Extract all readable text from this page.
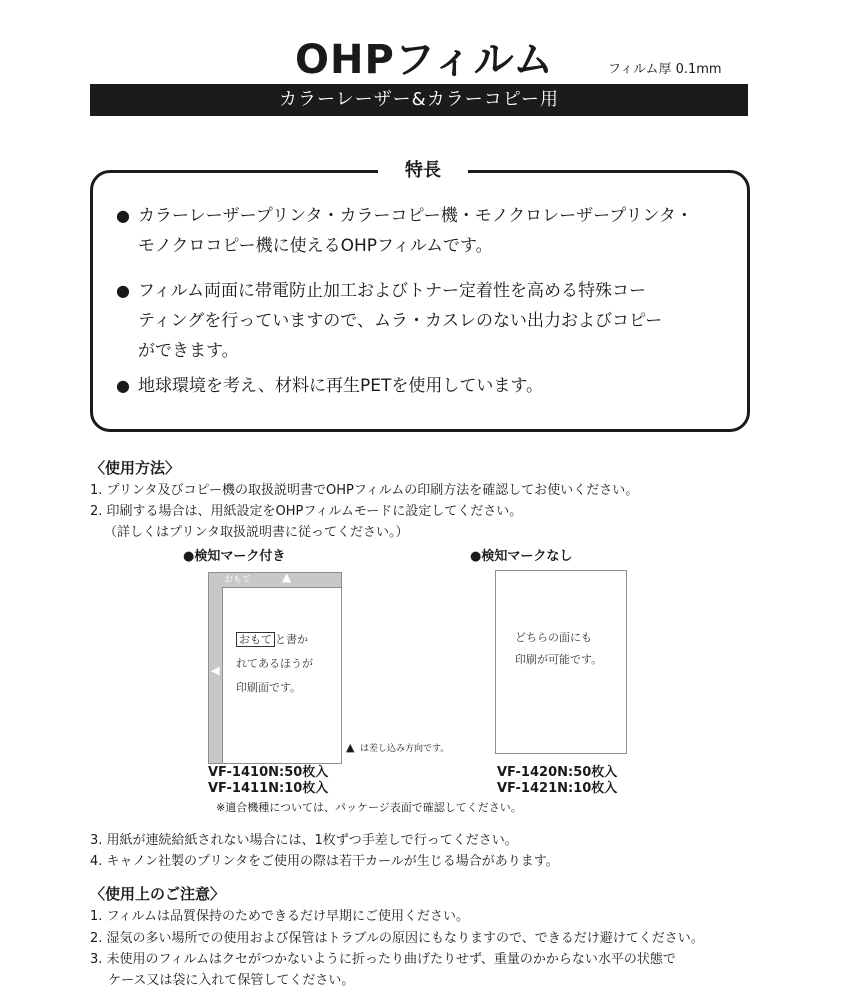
OHPフィルム	フィルム厚 0.1mm
カラーレーザー&カラーコピー用
特長
● カラーレーザープリンタ・カラーコピー機・モノクロレーザープリンタ・
モノクロコピー機に使えるOHPフィルムです。
● フィルム両面に帯電防止加工およびトナー定着性を高める特殊コー
ティングを行っていますので、ムラ・カスレのない出力およびコピー
ができます。
● 地球環境を考え、材料に再生PETを使用しています。
〈使用方法〉
1. プリンタ及びコピー機の取扱説明書でOHPフィルムの印刷方法を確認してお使いください。
2. 印刷する場合は、用紙設定をOHPフィルムモードに設定してください。
（詳しくはプリンタ取扱説明書に従ってください。）
●検知マーク付き	●検知マークなし
おもて	▲
◀
おもて と書か
れてあるほうが
印刷面です。
▲ は差し込み方向です。
どちらの面にも
印刷が可能です。
VF-1410N:50枚入
VF-1411N:10枚入
VF-1420N:50枚入
VF-1421N:10枚入
※適合機種については、パッケージ表面で確認してください。
3. 用紙が連続給紙されない場合には、1枚ずつ手差しで行ってください。
4. キャノン社製のプリンタをご使用の際は若干カールが生じる場合があります。
〈使用上のご注意〉
1. フィルムは品質保持のためできるだけ早期にご使用ください。
2. 湿気の多い場所での使用および保管はトラブルの原因にもなりますので、できるだけ避けてください。
3. 未使用のフィルムはクセがつかないように折ったり曲げたりせず、重量のかからない水平の状態で
ケース又は袋に入れて保管してください。
